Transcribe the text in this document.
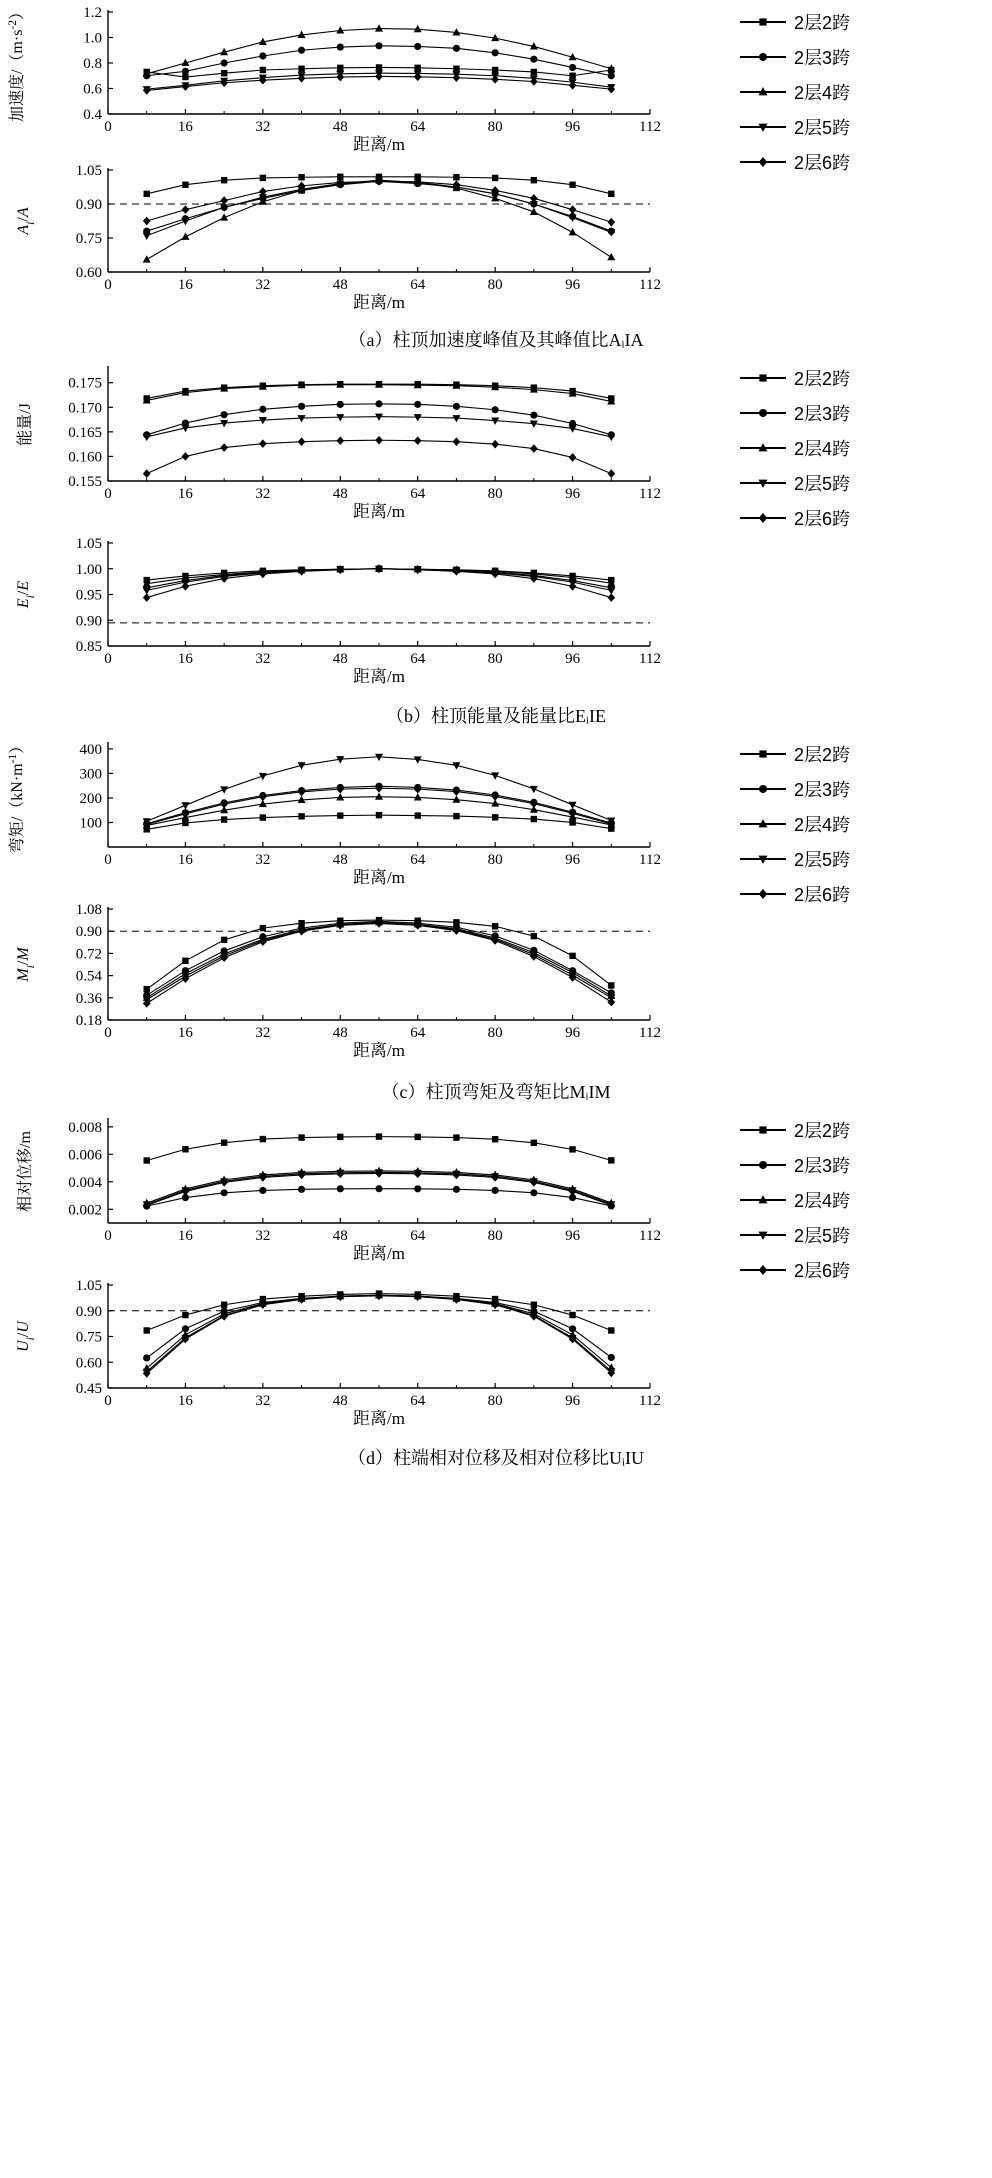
0	16	32	48	64	80	96	112
0.4
0.6
0.8
1.0
1.2
距离/m
加速度$/(m\cdot s^{-2})$
0	16	32	48	64	80	96	112
0.60
0.75
0.90
1.05
距离/m
$A_i/A$
2层2跨
2层3跨
2层4跨
2层5跨
2层6跨
（a）柱顶加速度峰值及其峰值比AᵢIA
0	16	32	48	64	80	96	112
0.155
0.160
0.165
0.170
0.175
距离/m
能量/J
0	16	32	48	64	80	96	112
0.85
0.90
0.95
1.00
1.05
距离/m
$E_i/E$
2层2跨
2层3跨
2层4跨
2层5跨
2层6跨
（b）柱顶能量及能量比EᵢIE
0	16	32	48	64	80	96	112
100
200
300
400
距离/m
弯矩$/(kN\cdot m^{-1})$
0	16	32	48	64	80	96	112
0.18
0.36
0.54
0.72
0.90
1.08
距离/m
$M_i/M$
2层2跨
2层3跨
2层4跨
2层5跨
2层6跨
（c）柱顶弯矩及弯矩比MᵢIM
0	16	32	48	64	80	96	112
0.002
0.004
0.006
0.008
距离/m
相对位移/m
0	16	32	48	64	80	96	112
0.45
0.60
0.75
0.90
1.05
距离/m
$U_i/U$
2层2跨
2层3跨
2层4跨
2层5跨
2层6跨
（d）柱端相对位移及相对位移比UᵢIU
